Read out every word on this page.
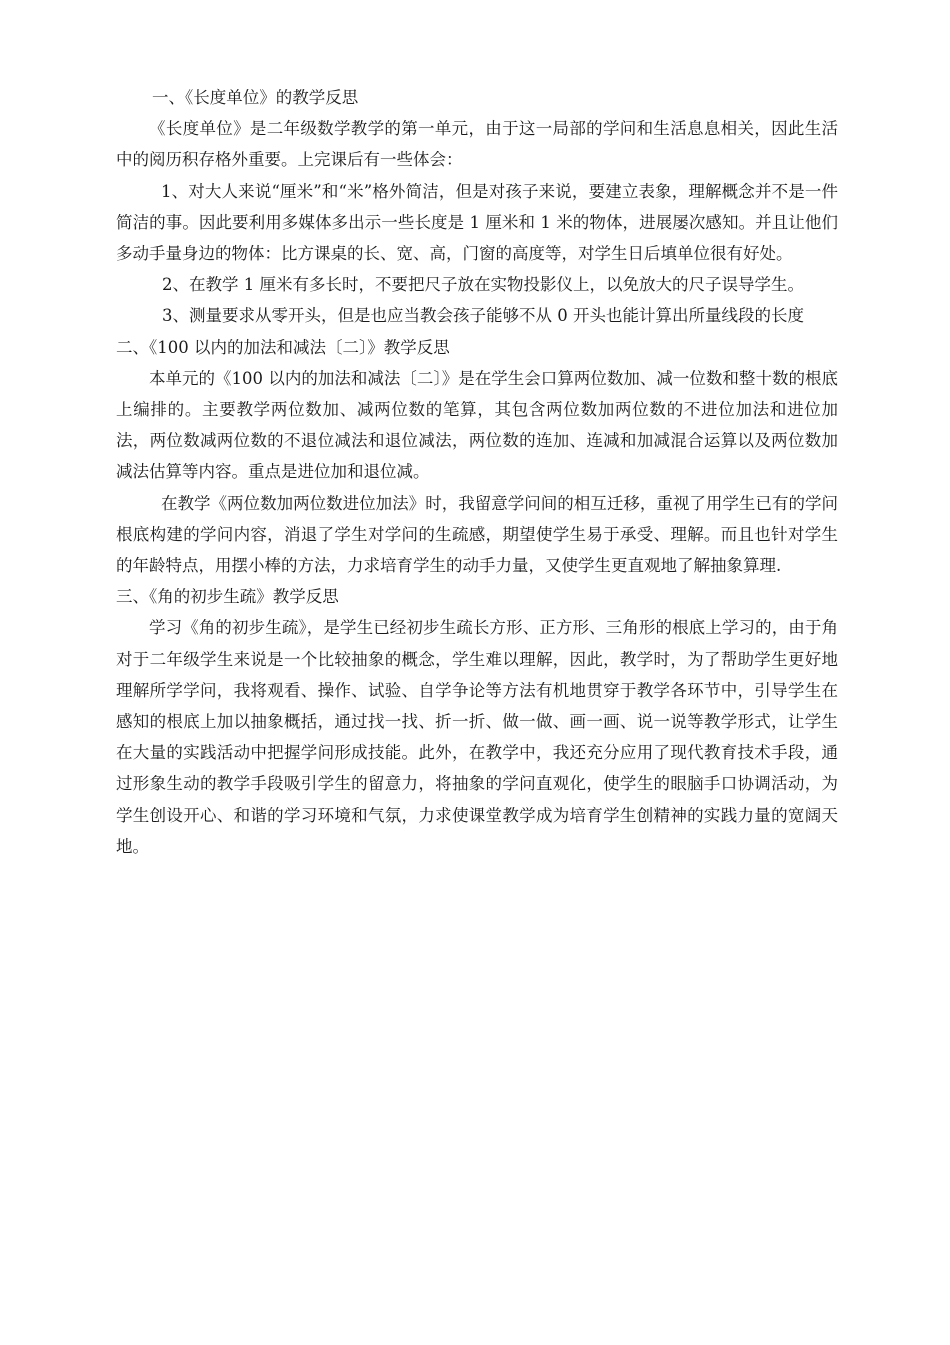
一、《长度单位》的教学反思

《长度单位》是二年级数学教学的第一单元，由于这一局部的学问和生活息息相关，因此生活中的阅历积存格外重要。上完课后有一些体会：

1、对大人来说“厘米”和“米”格外简洁，但是对孩子来说，要建立表象，理解概念并不是一件简洁的事。因此要利用多媒体多出示一些长度是 1 厘米和 1 米的物体，进展屡次感知。并且让他们多动手量身边的物体：比方课桌的长、宽、高，门窗的高度等，对学生日后填单位很有好处。

2、在教学 1 厘米有多长时，不要把尺子放在实物投影仪上，以免放大的尺子误导学生。

3、测量要求从零开头，但是也应当教会孩子能够不从 0 开头也能计算出所量线段的长度

二、《100 以内的加法和减法〔二〕》教学反思

本单元的《100 以内的加法和减法〔二〕》是在学生会口算两位数加、减一位数和整十数的根底上编排的。主要教学两位数加、减两位数的笔算，其包含两位数加两位数的不进位加法和进位加法，两位数减两位数的不退位减法和退位减法，两位数的连加、连减和加减混合运算以及两位数加减法估算等内容。重点是进位加和退位减。

在教学《两位数加两位数进位加法》时，我留意学问间的相互迁移，重视了用学生已有的学问根底构建的学问内容，消退了学生对学问的生疏感，期望使学生易于承受、理解。而且也针对学生的年龄特点，用摆小棒的方法，力求培育学生的动手力量，又使学生更直观地了解抽象算理.

三、《角的初步生疏》教学反思

学习《角的初步生疏》，是学生已经初步生疏长方形、正方形、三角形的根底上学习的，由于角对于二年级学生来说是一个比较抽象的概念，学生难以理解，因此，教学时，为了帮助学生更好地理解所学学问，我将观看、操作、试验、自学争论等方法有机地贯穿于教学各环节中，引导学生在感知的根底上加以抽象概括，通过找一找、折一折、做一做、画一画、说一说等教学形式，让学生在大量的实践活动中把握学问形成技能。此外，在教学中，我还充分应用了现代教育技术手段，通过形象生动的教学手段吸引学生的留意力，将抽象的学问直观化，使学生的眼脑手口协调活动，为学生创设开心、和谐的学习环境和气氛，力求使课堂教学成为培育学生创精神的实践力量的宽阔天地。
